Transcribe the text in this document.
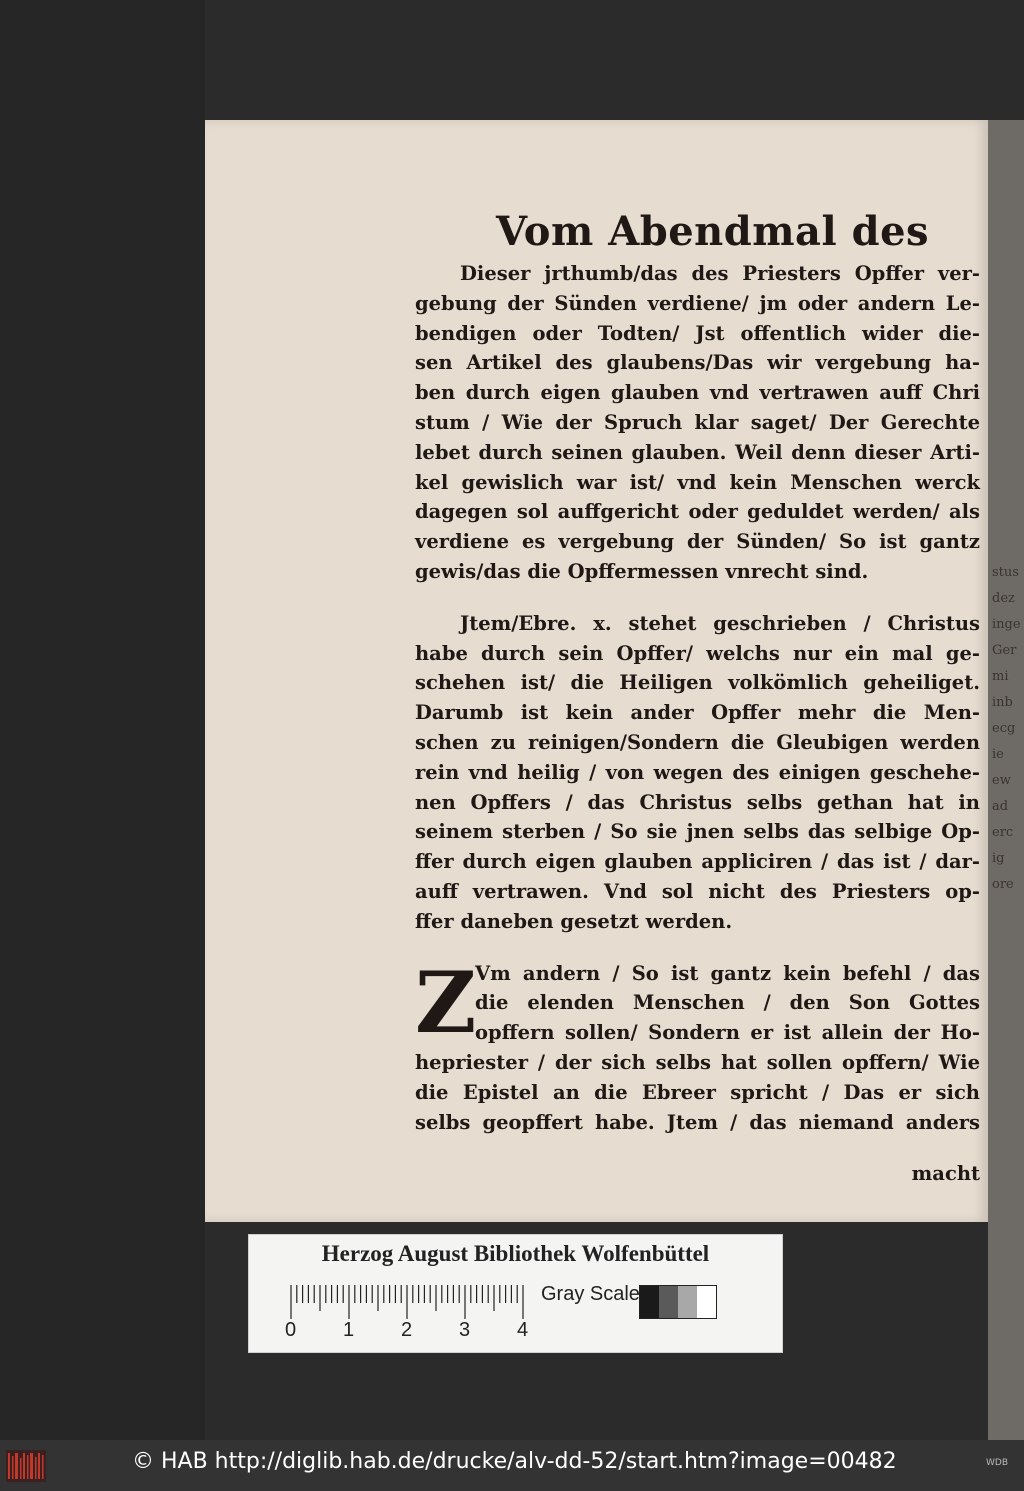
stus
dez
inge
Ger
mi
inb
ecg
ie
ew
ad
erc
ig
ore
Vom Abendmal des
Dieser jrthumb/das des Priesters Opffer ver-
gebung der Sünden verdiene/ jm oder andern Le-
bendigen oder Todten/ Jst offentlich wider die-
sen Artikel des glaubens/Das wir vergebung ha-
ben durch eigen glauben vnd vertrawen auff Chri
stum / Wie der Spruch klar saget/ Der Gerechte
lebet durch seinen glauben. Weil denn dieser Arti-
kel gewislich war ist/ vnd kein Menschen werck
dagegen sol auffgericht oder geduldet werden/ als
verdiene es vergebung der Sünden/ So ist gantz
gewis/das die Opffermessen vnrecht sind.
Jtem/Ebre. x. stehet geschrieben / Christus
habe durch sein Opffer/ welchs nur ein mal ge-
schehen ist/ die Heiligen volkömlich geheiliget.
Darumb ist kein ander Opffer mehr die Men-
schen zu reinigen/Sondern die Gleubigen werden
rein vnd heilig / von wegen des einigen geschehe-
nen Opffers / das Christus selbs gethan hat in
seinem sterben / So sie jnen selbs das selbige Op-
ffer durch eigen glauben appliciren / das ist / dar-
auff vertrawen. Vnd sol nicht des Priesters op-
ffer daneben gesetzt werden.
Z
Vm andern / So ist gantz kein befehl / das
die elenden Menschen / den Son Gottes
opffern sollen/ Sondern er ist allein der Ho-
hepriester / der sich selbs hat sollen opffern/ Wie
die Epistel an die Ebreer spricht / Das er sich
selbs geopffert habe. Jtem / das niemand anders
macht
Herzog August Bibliothek Wolfenbüttel
0 1 2 3 4
Gray Scale
© HAB http://diglib.hab.de/drucke/alv-dd-52/start.htm?image=00482	WDB
